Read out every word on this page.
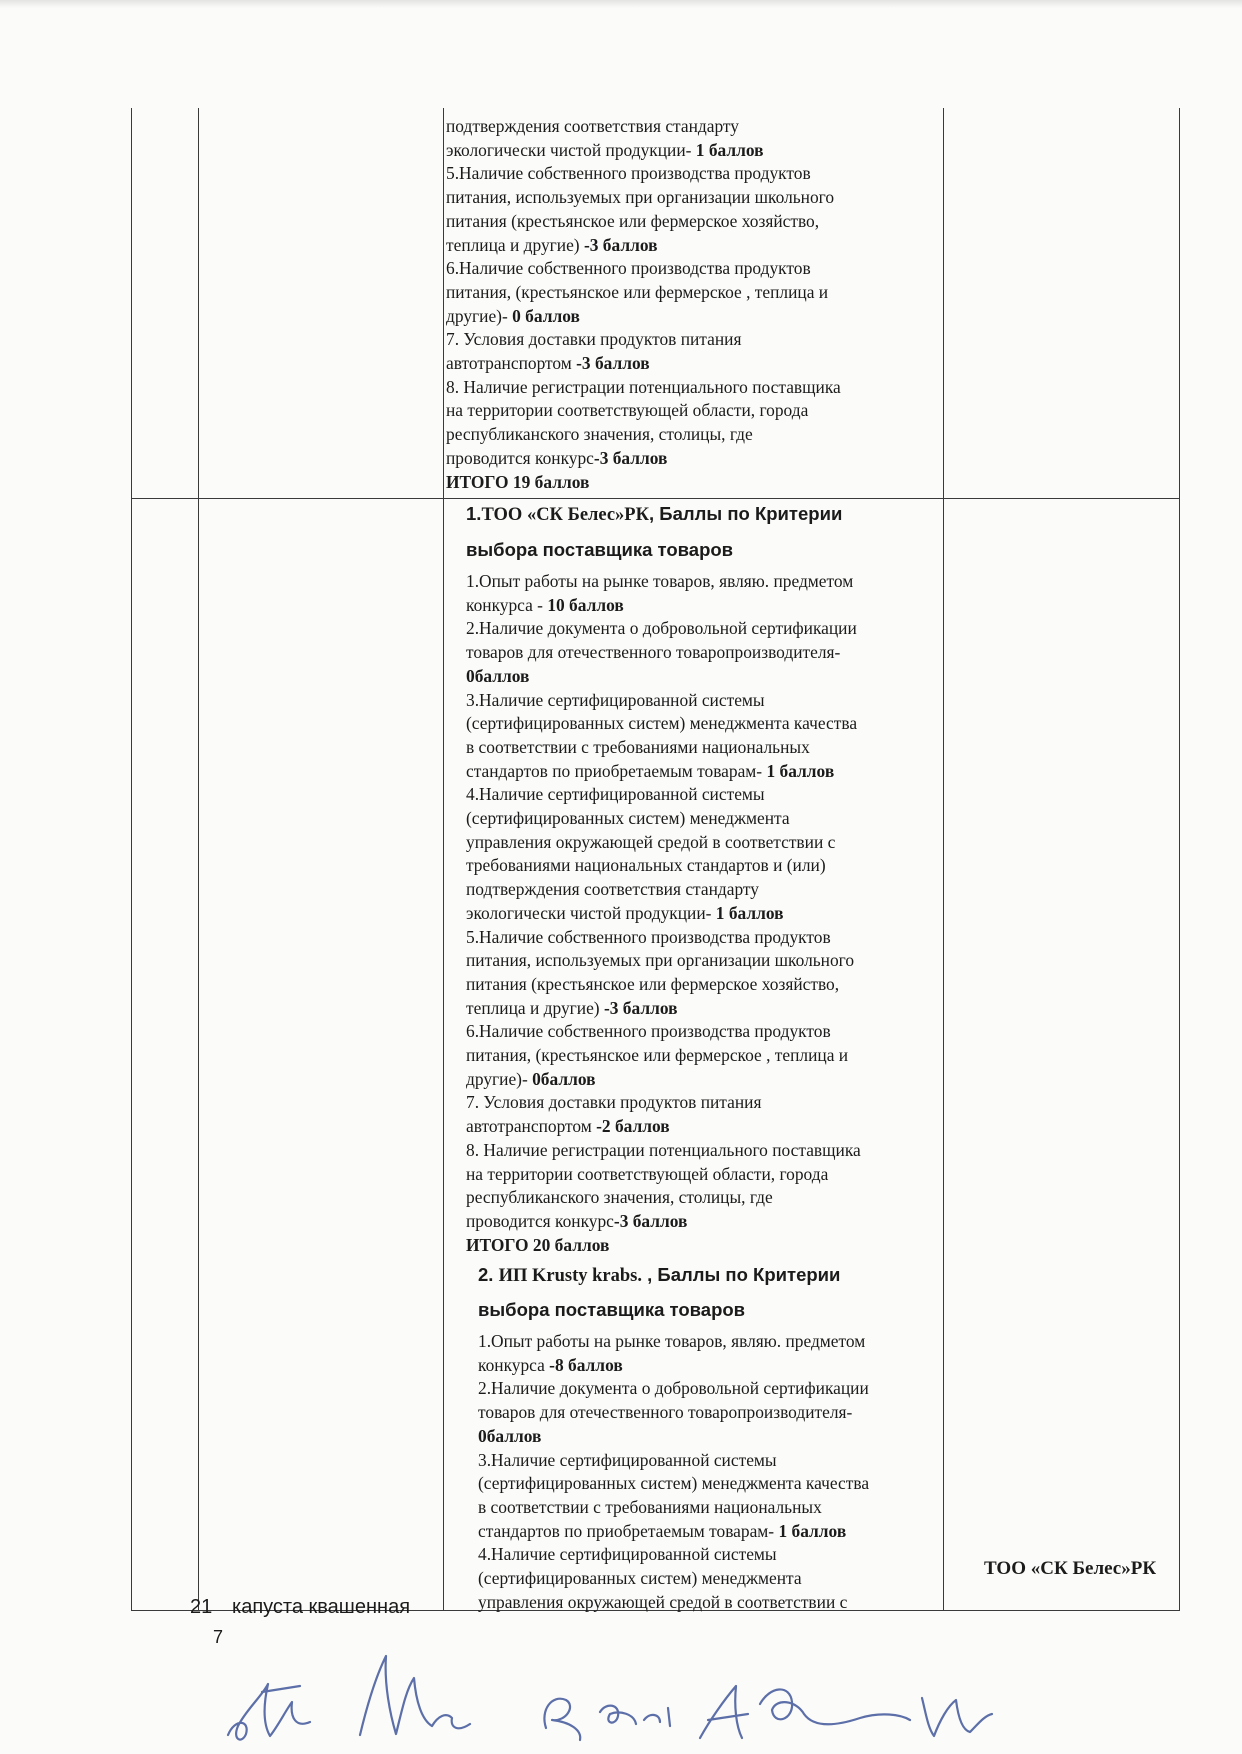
подтверждения соответствия стандарту

экологически чистой продукции- 1 баллов

5.Наличие собственного производства продуктов

питания, используемых при организации школьного

питания (крестьянское или фермерское хозяйство,

теплица и другие) -3 баллов

6.Наличие собственного производства продуктов

питания, (крестьянское или фермерское , теплица и

другие)- 0 баллов

7. Условия доставки продуктов питания

автотранспортом -3 баллов

8. Наличие регистрации потенциального поставщика

на территории соответствующей области, города

республиканского значения, столицы, где

проводится конкурс-3 баллов

ИТОГО 19 баллов

1.ТОО «СК Белес»РК, Баллы по Критерии
выбора поставщика товаров

1.Опыт работы на рынке товаров, являю. предметом

конкурса - 10 баллов

2.Наличие документа о добровольной сертификации

товаров для отечественного товаропроизводителя-

0баллов

3.Наличие сертифицированной системы

(сертифицированных систем) менеджмента качества

в соответствии с требованиями национальных

стандартов по приобретаемым товарам- 1 баллов

4.Наличие сертифицированной системы

(сертифицированных систем) менеджмента

управления окружающей средой в соответствии с

требованиями национальных стандартов и (или)

подтверждения соответствия стандарту

экологически чистой продукции- 1 баллов

5.Наличие собственного производства продуктов

питания, используемых при организации школьного

питания (крестьянское или фермерское хозяйство,

теплица и другие) -3 баллов

6.Наличие собственного производства продуктов

питания, (крестьянское или фермерское , теплица и

другие)- 0баллов

7. Условия доставки продуктов питания

автотранспортом -2 баллов

8. Наличие регистрации потенциального поставщика

на территории соответствующей области, города

республиканского значения, столицы, где

проводится конкурс-3 баллов

ИТОГО 20 баллов

2. ИП Krusty krabs. , Баллы по Критерии
выбора поставщика товаров

1.Опыт работы на рынке товаров, являю. предметом

конкурса -8 баллов

2.Наличие документа о добровольной сертификации

товаров для отечественного товаропроизводителя-

0баллов

3.Наличие сертифицированной системы

(сертифицированных систем) менеджмента качества

в соответствии с требованиями национальных

стандартов по приобретаемым товарам- 1 баллов

4.Наличие сертифицированной системы

(сертифицированных систем) менеджмента

управления окружающей средой в соответствии с

21 капуста квашенная
ТОО «СК Белес»РК
7
